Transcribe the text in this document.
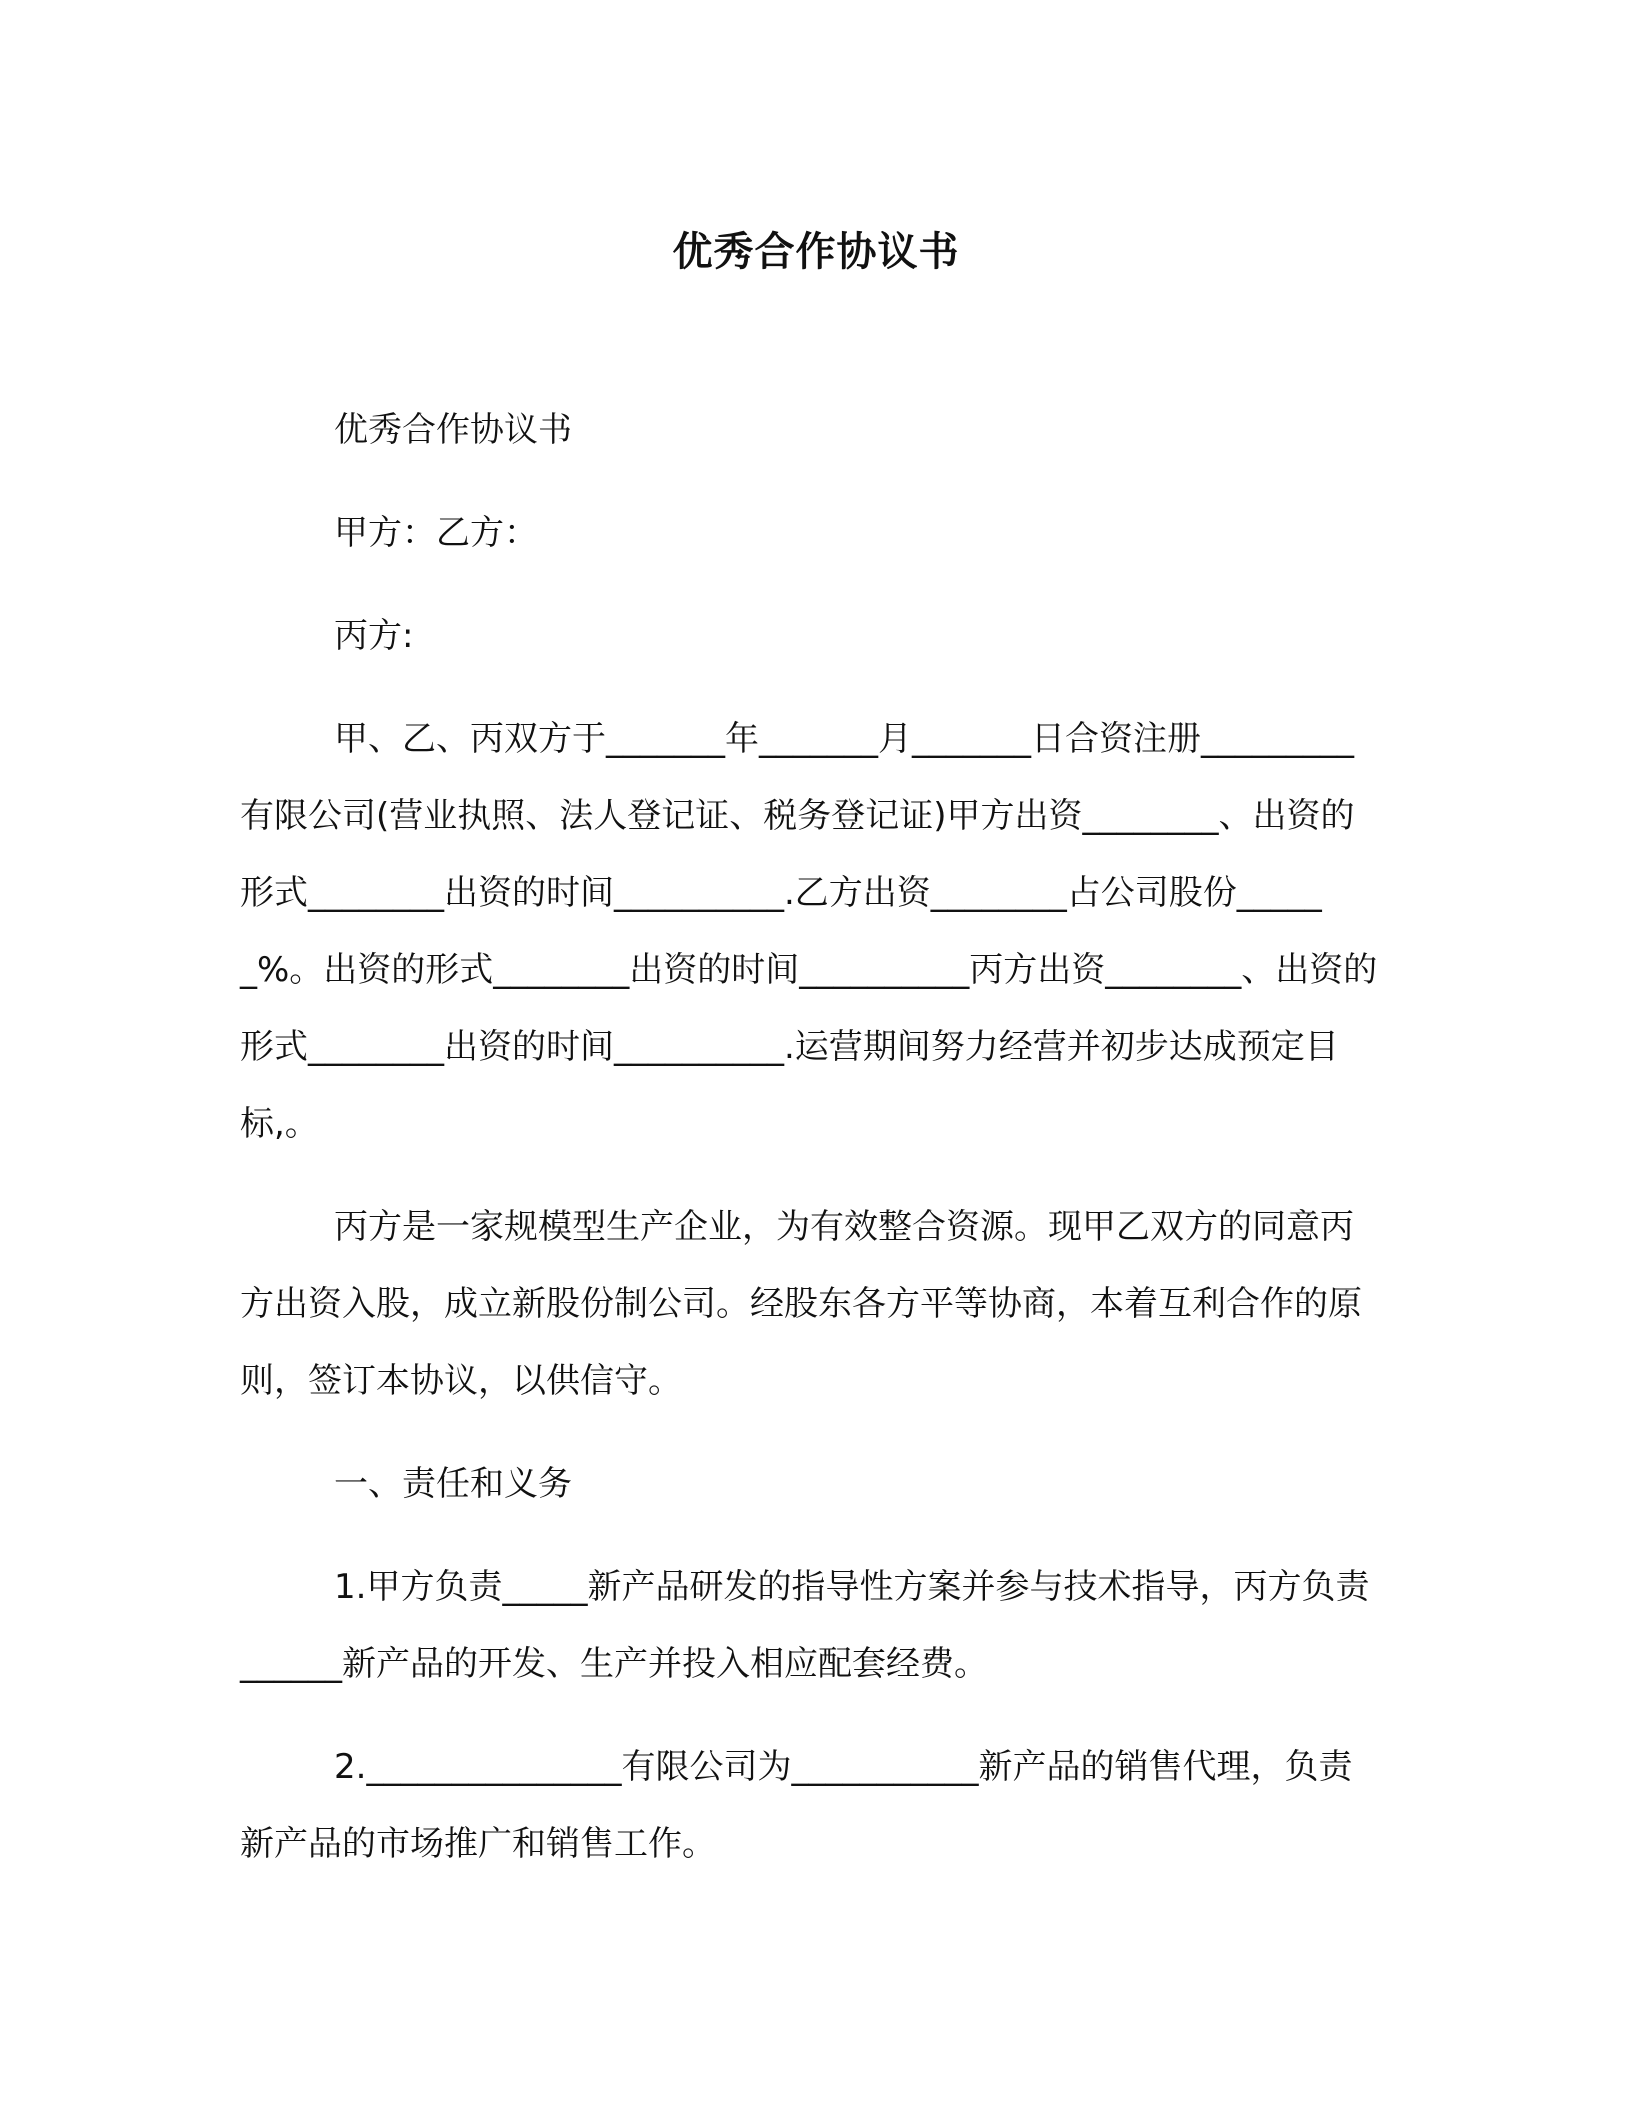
优秀合作协议书

优秀合作协议书

甲方：乙方：

丙方:

甲、乙、丙双方于_______年_______月_______日合资注册_________有限公司(营业执照、法人登记证、税务登记证)甲方出资________、出资的形式________出资的时间__________.乙方出资________占公司股份______%。出资的形式________出资的时间__________丙方出资________、出资的形式________出资的时间__________.运营期间努力经营并初步达成预定目标,。

丙方是一家规模型生产企业，为有效整合资源。现甲乙双方的同意丙方出资入股，成立新股份制公司。经股东各方平等协商，本着互利合作的原则，签订本协议，以供信守。

一、责任和义务

1.甲方负责_____新产品研发的指导性方案并参与技术指导，丙方负责______新产品的开发、生产并投入相应配套经费。

2._______________有限公司为___________新产品的销售代理，负责新产品的市场推广和销售工作。
